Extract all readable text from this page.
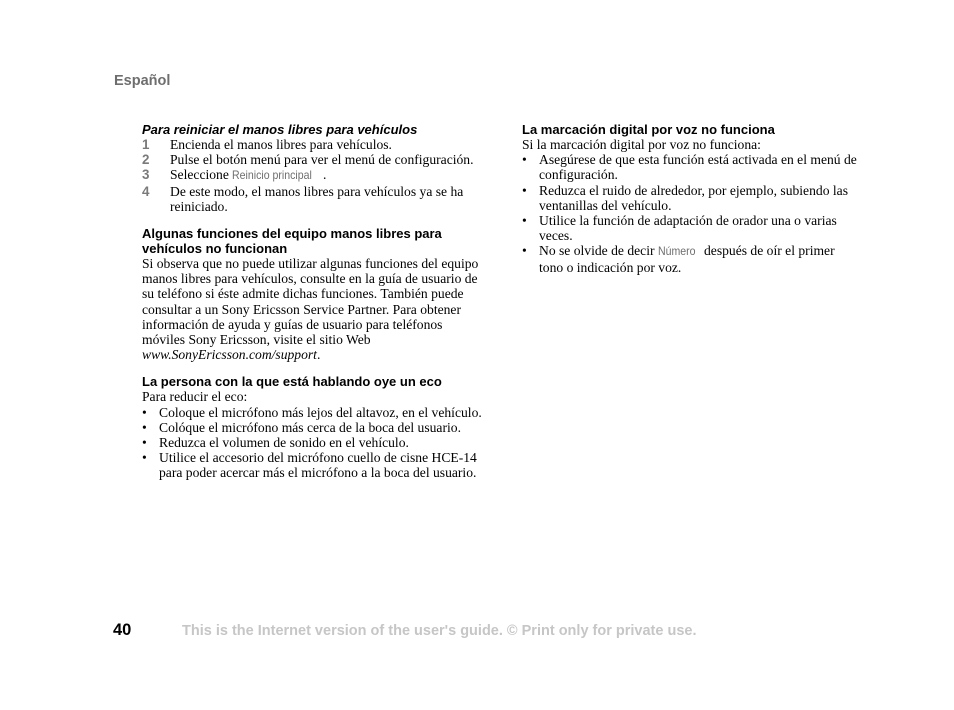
Español
Para reiniciar el manos libres para vehículos
1	Encienda el manos libres para vehículos.
2	Pulse el botón menú para ver el menú de configuración.
3	Seleccione Reinicio principal .
4	De este modo, el manos libres para vehículos ya se ha reiniciado.
Algunas funciones del equipo manos libres para vehículos no funcionan

Si observa que no puede utilizar algunas funciones del equipo manos libres para vehículos, consulte en la guía de usuario de su teléfono si éste admite dichas funciones. También puede consultar a un Sony Ericsson Service Partner. Para obtener información de ayuda y guías de usuario para teléfonos móviles Sony Ericsson, visite el sitio Web www.SonyEricsson.com/support.

La persona con la que está hablando oye un eco

Para reducir el eco:

• Coloque el micrófono más lejos del altavoz, en el vehículo.
• Colóque el micrófono más cerca de la boca del usuario.
• Reduzca el volumen de sonido en el vehículo.
• Utilice el accesorio del micrófono cuello de cisne HCE-14 para poder acercar más el micrófono a la boca del usuario.
La marcación digital por voz no funciona

Si la marcación digital por voz no funciona:

• Asegúrese de que esta función está activada en el menú de configuración.
• Reduzca el ruido de alrededor, por ejemplo, subiendo las ventanillas del vehículo.
• Utilice la función de adaptación de orador una o varias veces.
• No se olvide de decir Número después de oír el primer tono o indicación por voz.
40	This is the Internet version of the user's guide. © Print only for private use.
